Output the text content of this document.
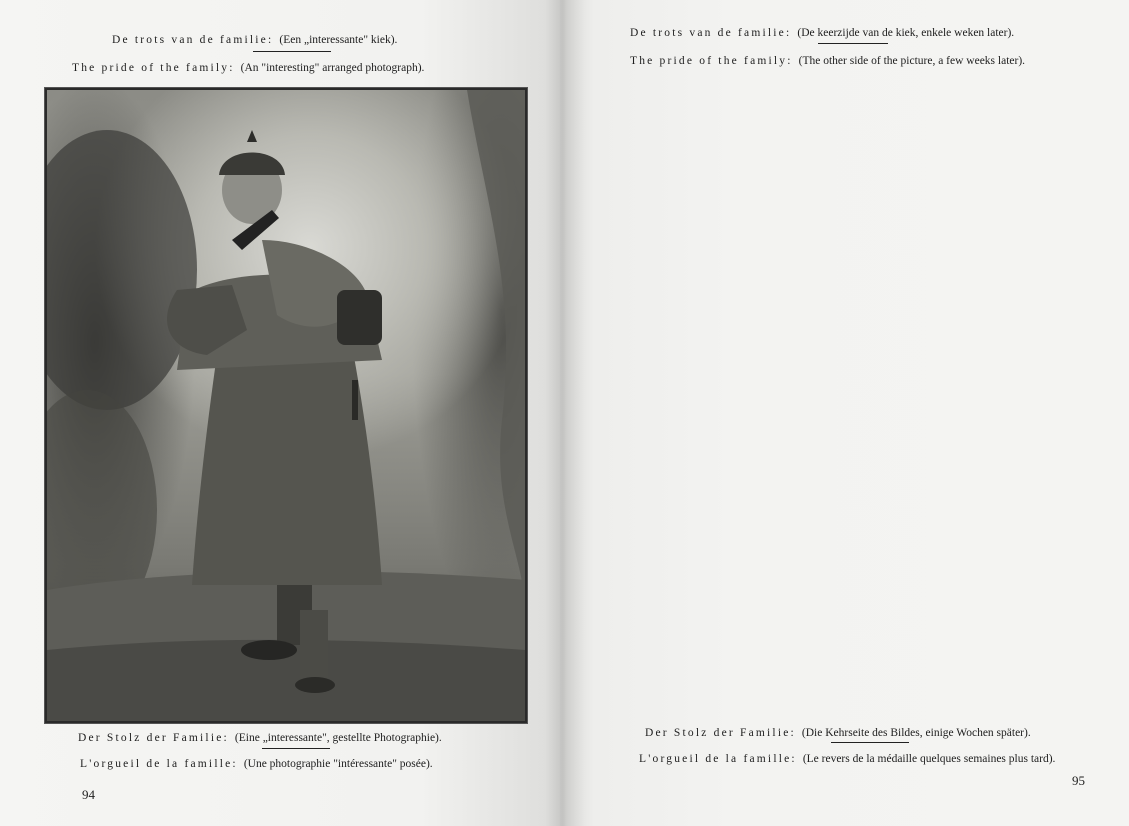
De trots van de familie: (Een „interessante" kiek).
The pride of the family: (An "interesting" arranged photograph).
Der Stolz der Familie: (Eine „interessante", gestellte Photographie).
L'orgueil de la famille: (Une photographie "intéressante" posée).
94
De trots van de familie: (De keerzijde van de kiek, enkele weken later).
The pride of the family: (The other side of the picture, a few weeks later).
Der Stolz der Familie: (Die Kehrseite des Bildes, einige Wochen später).
L'orgueil de la famille: (Le revers de la médaille quelques semaines plus tard).
95
